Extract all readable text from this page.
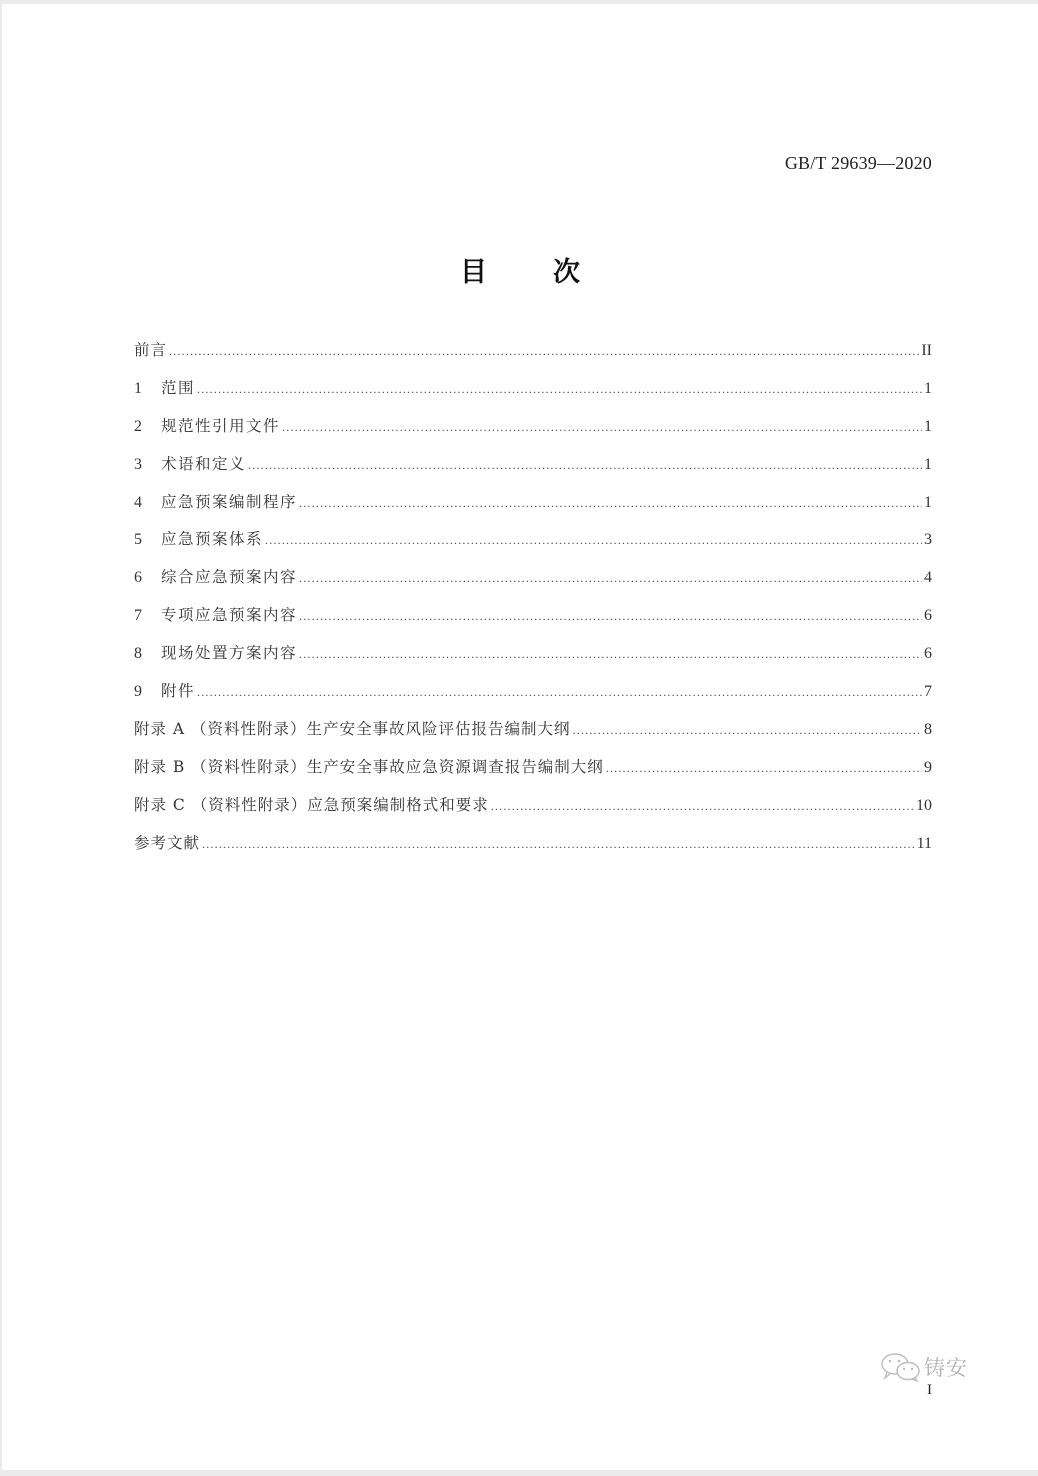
GB/T 29639—2020
目 次
前言 .....	II
1	范围 .....	1
2	规范性引用文件 .....	1
3	术语和定义 .....	1
4	应急预案编制程序 .....	1
5	应急预案体系 .....	3
6	综合应急预案内容 .....	4
7	专项应急预案内容 .....	6
8	现场处置方案内容 .....	6
9	附件 .....	7
附录 A （资料性附录）生产安全事故风险评估报告编制大纲 .....	8
附录 B （资料性附录）生产安全事故应急资源调查报告编制大纲 .....	9
附录 C （资料性附录）应急预案编制格式和要求 .....	10
参考文献 .....	11
铸安
I
